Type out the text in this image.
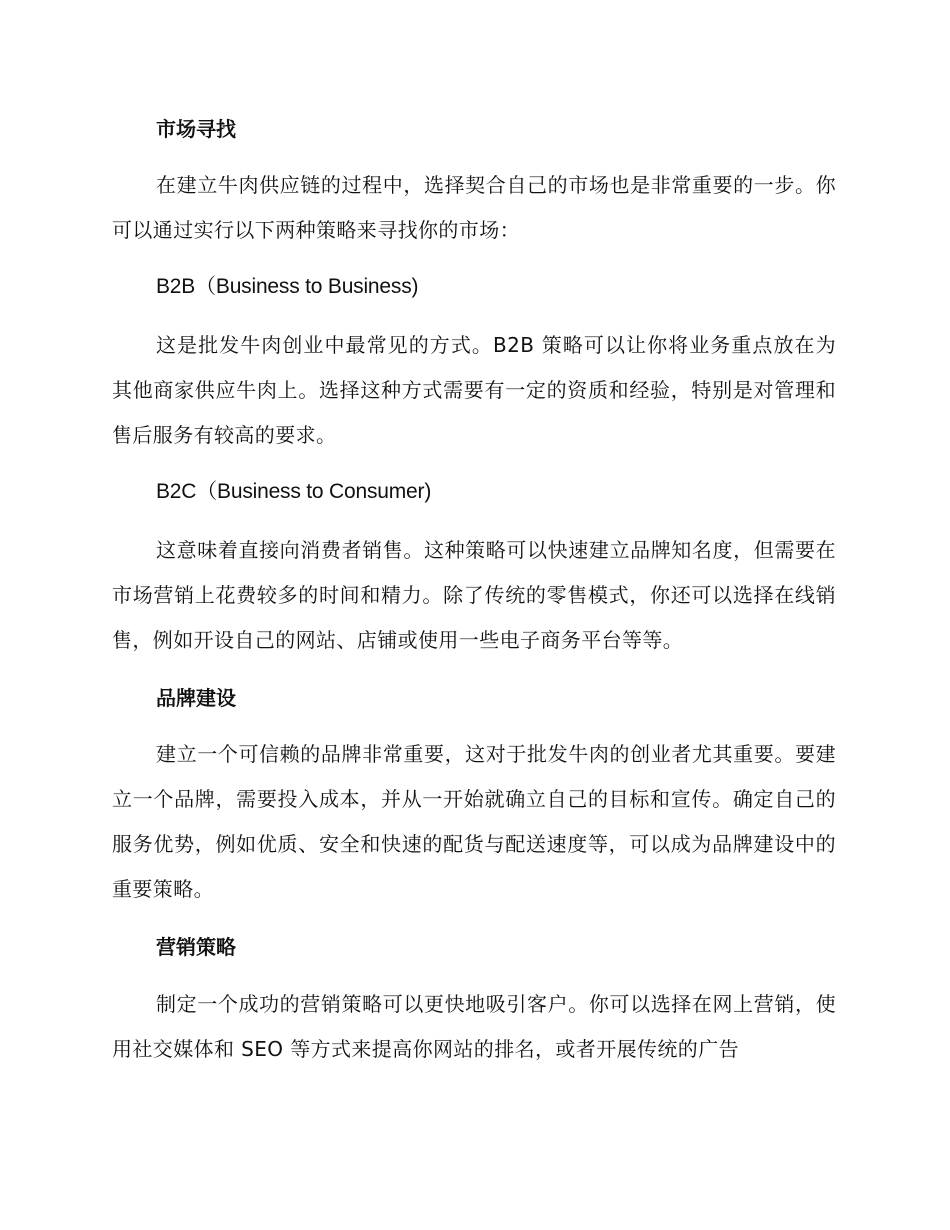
市场寻找

在建立牛肉供应链的过程中，选择契合自己的市场也是非常重要的一步。你可以通过实行以下两种策略来寻找你的市场：

B2B（Business to Business)

这是批发牛肉创业中最常见的方式。B2B 策略可以让你将业务重点放在为其他商家供应牛肉上。选择这种方式需要有一定的资质和经验，特别是对管理和售后服务有较高的要求。

B2C（Business to Consumer)

这意味着直接向消费者销售。这种策略可以快速建立品牌知名度，但需要在市场营销上花费较多的时间和精力。除了传统的零售模式，你还可以选择在线销售，例如开设自己的网站、店铺或使用一些电子商务平台等等。

品牌建设

建立一个可信赖的品牌非常重要，这对于批发牛肉的创业者尤其重要。要建立一个品牌，需要投入成本，并从一开始就确立自己的目标和宣传。确定自己的服务优势，例如优质、安全和快速的配货与配送速度等，可以成为品牌建设中的重要策略。

营销策略

制定一个成功的营销策略可以更快地吸引客户。你可以选择在网上营销，使用社交媒体和 SEO 等方式来提高你网站的排名，或者开展传统的广告
